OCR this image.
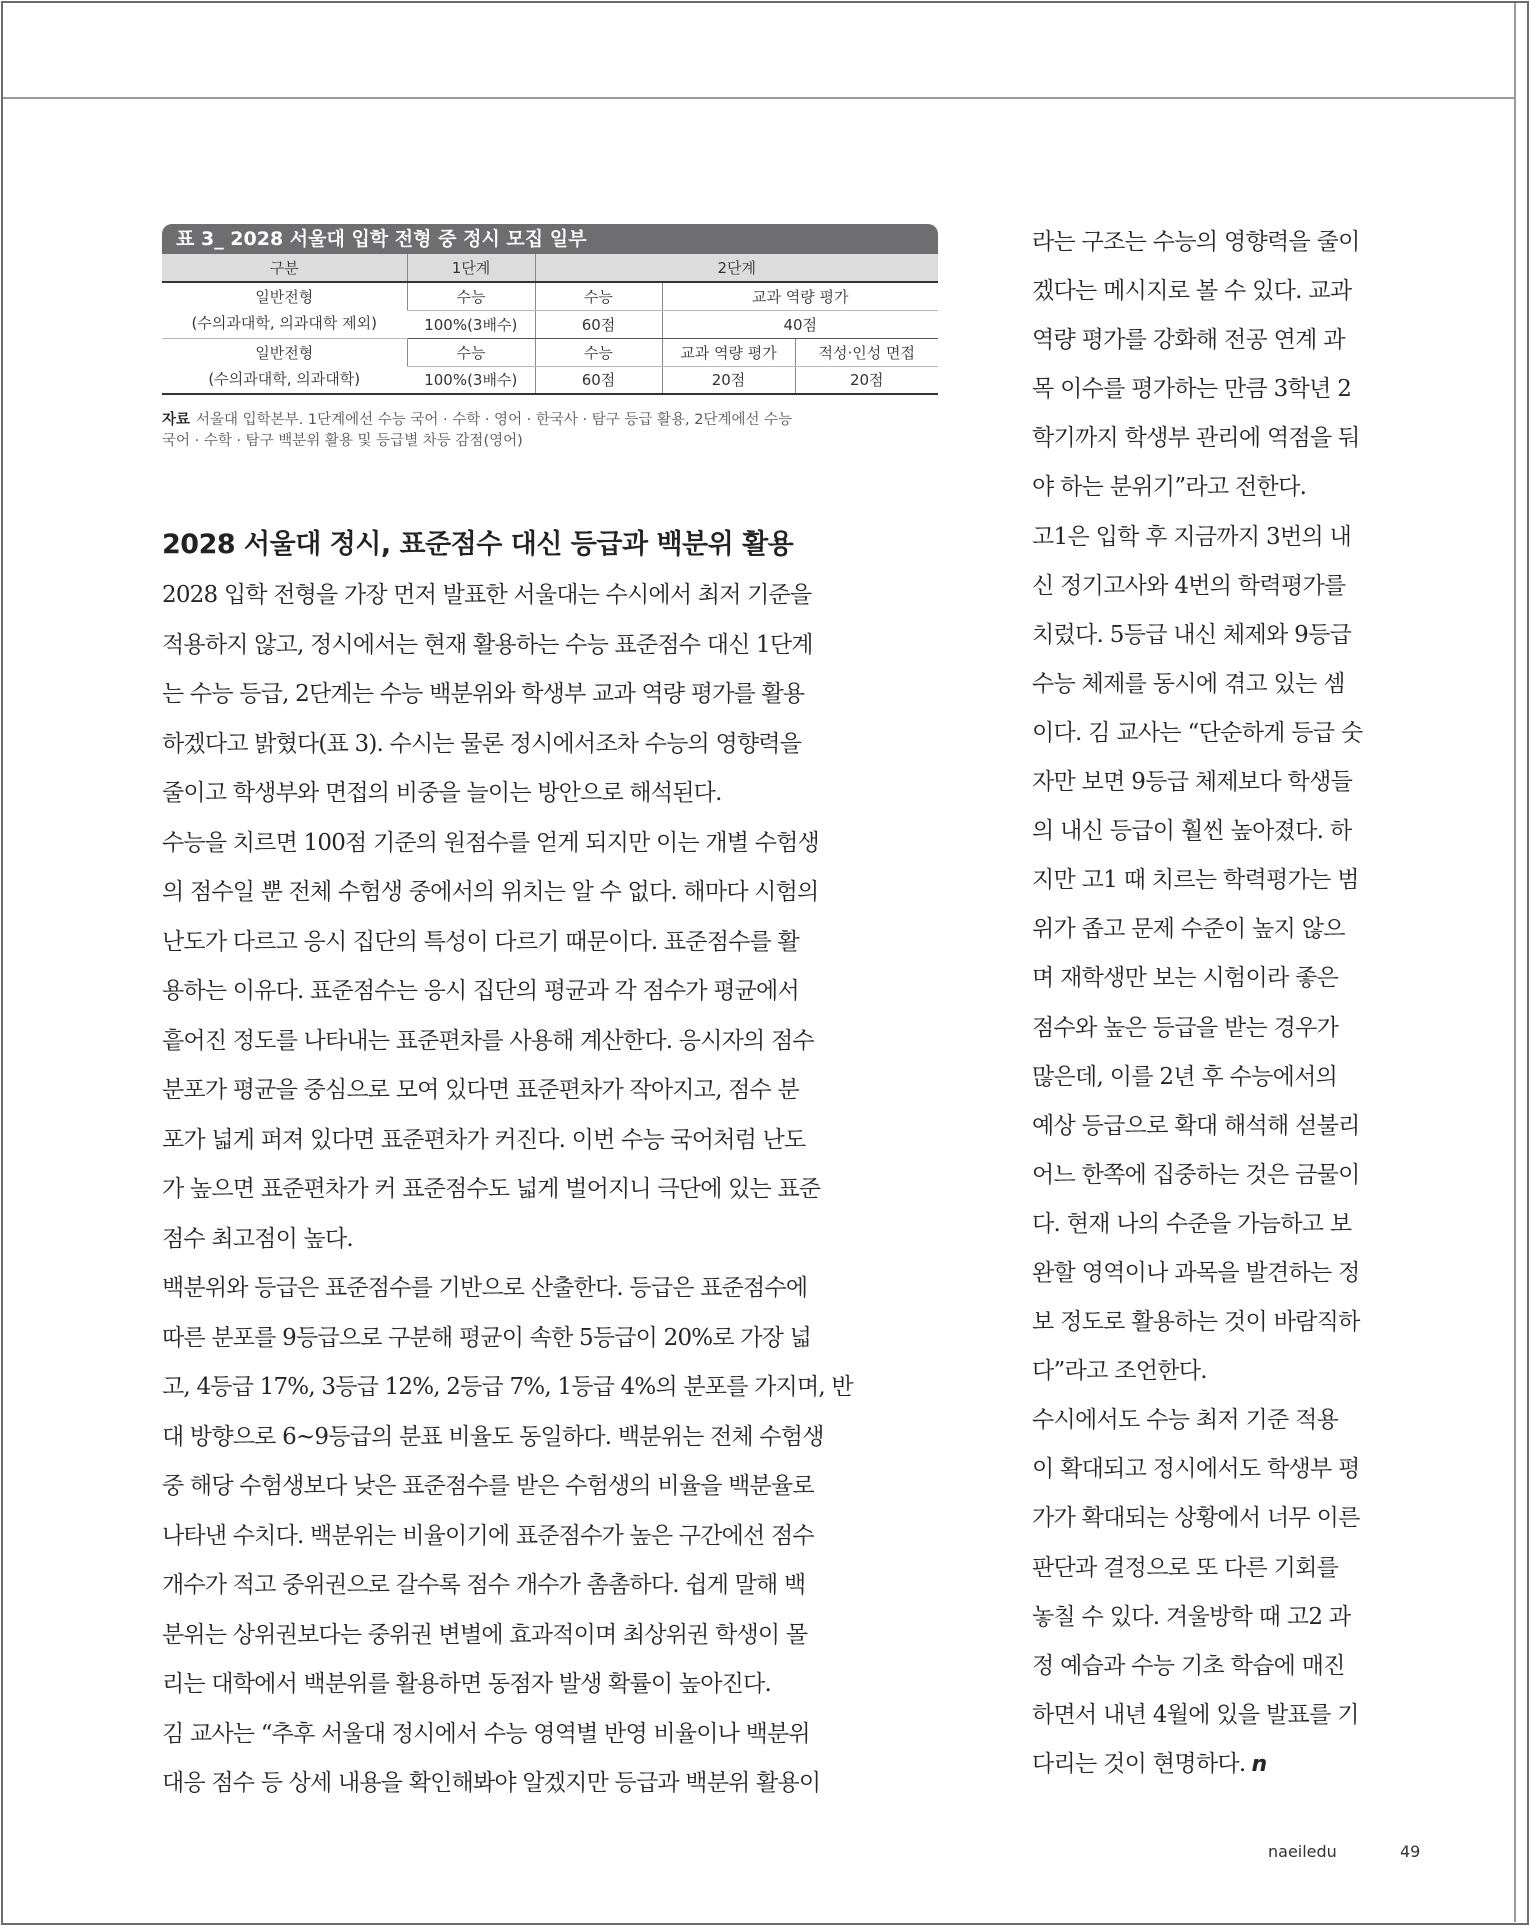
표 3_ 2028 서울대 입학 전형 중 정시 모집 일부
구분	1단계	2단계		

일반전형
(수의과대학, 의과대학 제외)	수능	수능	교과 역량 평가	
	100%(3배수)	60점	40점	

일반전형
(수의과대학, 의과대학)	수능	수능	교과 역량 평가	적성·인성 면접
	100%(3배수)	60점	20점	20점
자료 서울대 입학본부. 1단계에선 수능 국어 · 수학 · 영어 · 한국사 · 탐구 등급 활용, 2단계에선 수능
국어 · 수학 · 탐구 백분위 활용 및 등급별 차등 감점(영어)
2028 서울대 정시, 표준점수 대신 등급과 백분위 활용

2028 입학 전형을 가장 먼저 발표한 서울대는 수시에서 최저 기준을

적용하지 않고, 정시에서는 현재 활용하는 수능 표준점수 대신 1단계

는 수능 등급, 2단계는 수능 백분위와 학생부 교과 역량 평가를 활용

하겠다고 밝혔다(표 3). 수시는 물론 정시에서조차 수능의 영향력을

줄이고 학생부와 면접의 비중을 늘이는 방안으로 해석된다.

수능을 치르면 100점 기준의 원점수를 얻게 되지만 이는 개별 수험생

의 점수일 뿐 전체 수험생 중에서의 위치는 알 수 없다. 해마다 시험의

난도가 다르고 응시 집단의 특성이 다르기 때문이다. 표준점수를 활

용하는 이유다. 표준점수는 응시 집단의 평균과 각 점수가 평균에서

흩어진 정도를 나타내는 표준편차를 사용해 계산한다. 응시자의 점수

분포가 평균을 중심으로 모여 있다면 표준편차가 작아지고, 점수 분

포가 넓게 퍼져 있다면 표준편차가 커진다. 이번 수능 국어처럼 난도

가 높으면 표준편차가 커 표준점수도 넓게 벌어지니 극단에 있는 표준

점수 최고점이 높다.

백분위와 등급은 표준점수를 기반으로 산출한다. 등급은 표준점수에

따른 분포를 9등급으로 구분해 평균이 속한 5등급이 20%로 가장 넓

고, 4등급 17%, 3등급 12%, 2등급 7%, 1등급 4%의 분포를 가지며, 반

대 방향으로 6~9등급의 분표 비율도 동일하다. 백분위는 전체 수험생

중 해당 수험생보다 낮은 표준점수를 받은 수험생의 비율을 백분율로

나타낸 수치다. 백분위는 비율이기에 표준점수가 높은 구간에선 점수

개수가 적고 중위권으로 갈수록 점수 개수가 촘촘하다. 쉽게 말해 백

분위는 상위권보다는 중위권 변별에 효과적이며 최상위권 학생이 몰

리는 대학에서 백분위를 활용하면 동점자 발생 확률이 높아진다.

김 교사는 “추후 서울대 정시에서 수능 영역별 반영 비율이나 백분위

대응 점수 등 상세 내용을 확인해봐야 알겠지만 등급과 백분위 활용이

라는 구조는 수능의 영향력을 줄이

겠다는 메시지로 볼 수 있다. 교과

역량 평가를 강화해 전공 연계 과

목 이수를 평가하는 만큼 3학년 2

학기까지 학생부 관리에 역점을 둬

야 하는 분위기”라고 전한다.

고1은 입학 후 지금까지 3번의 내

신 정기고사와 4번의 학력평가를

치렀다. 5등급 내신 체제와 9등급

수능 체제를 동시에 겪고 있는 셈

이다. 김 교사는 “단순하게 등급 숫

자만 보면 9등급 체제보다 학생들

의 내신 등급이 훨씬 높아졌다. 하

지만 고1 때 치르는 학력평가는 범

위가 좁고 문제 수준이 높지 않으

며 재학생만 보는 시험이라 좋은

점수와 높은 등급을 받는 경우가

많은데, 이를 2년 후 수능에서의

예상 등급으로 확대 해석해 섣불리

어느 한쪽에 집중하는 것은 금물이

다. 현재 나의 수준을 가늠하고 보

완할 영역이나 과목을 발견하는 정

보 정도로 활용하는 것이 바람직하

다”라고 조언한다.

수시에서도 수능 최저 기준 적용

이 확대되고 정시에서도 학생부 평

가가 확대되는 상황에서 너무 이른

판단과 결정으로 또 다른 기회를

놓칠 수 있다. 겨울방학 때 고2 과

정 예습과 수능 기초 학습에 매진

하면서 내년 4월에 있을 발표를 기

다리는 것이 현명하다. n

naeiledu	49
